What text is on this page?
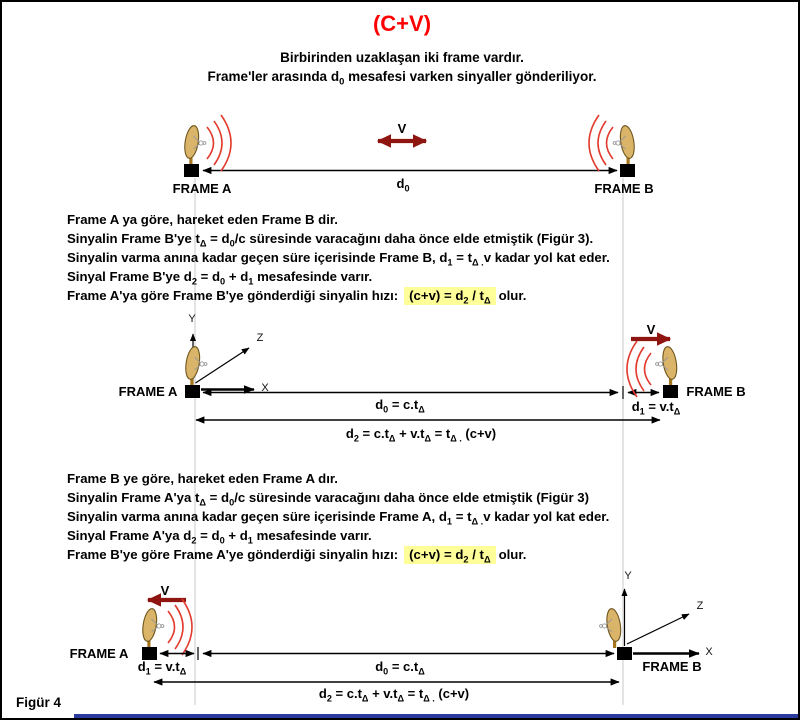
(C+V)
Birbirinden uzaklaşan iki frame vardır.
Frame'ler arasında $d_0$ mesafesi varken sinyaller gönderiliyor.
V
FRAME A	FRAME B
$d_0$
Frame A ya göre, hareket eden Frame B dir.
Sinyalin Frame B'ye $t_\Delta = d_0/c$ süresinde varacağını daha önce elde etmiştik (Figür 3).
Sinyalin varma anına kadar geçen süre içerisinde Frame B, $d_1 = t_{\Delta .}v$ kadar yol kat eder.
Sinyal Frame B'ye $d_2 = d_0 + d_1$ mesafesinde varır.
Frame A'ya göre Frame B'ye gönderdiği sinyalin hızı: $(c+v) = d_2 / t_\Delta$ olur.
Y
Z
X
FRAME A	FRAME B
V
$d_0 = c.t_\Delta$	$d_1 = v.t_\Delta$
$d_2 = c.t_\Delta + v.t_\Delta = t_{\Delta .}$ (c+v)
Frame B ye göre, hareket eden Frame A dır.
Sinyalin Frame A'ya $t_\Delta = d_0/c$ süresinde varacağını daha önce elde etmiştik (Figür 3)
Sinyalin varma anına kadar geçen süre içerisinde Frame A, $d_1 = t_{\Delta .}v$ kadar yol kat eder.
Sinyal Frame A'ya $d_2 = d_0 + d_1$ mesafesinde varır.
Frame B'ye göre Frame A'ye gönderdiği sinyalin hızı: $(c+v) = d_2 / t_\Delta$ olur.
V
Y
Z
X
FRAME A
$d_1 = v.t_\Delta$	$d_0 = c.t_\Delta$	FRAME B
$d_2 = c.t_\Delta + v.t_\Delta = t_{\Delta .}$ (c+v)
Figür 4
